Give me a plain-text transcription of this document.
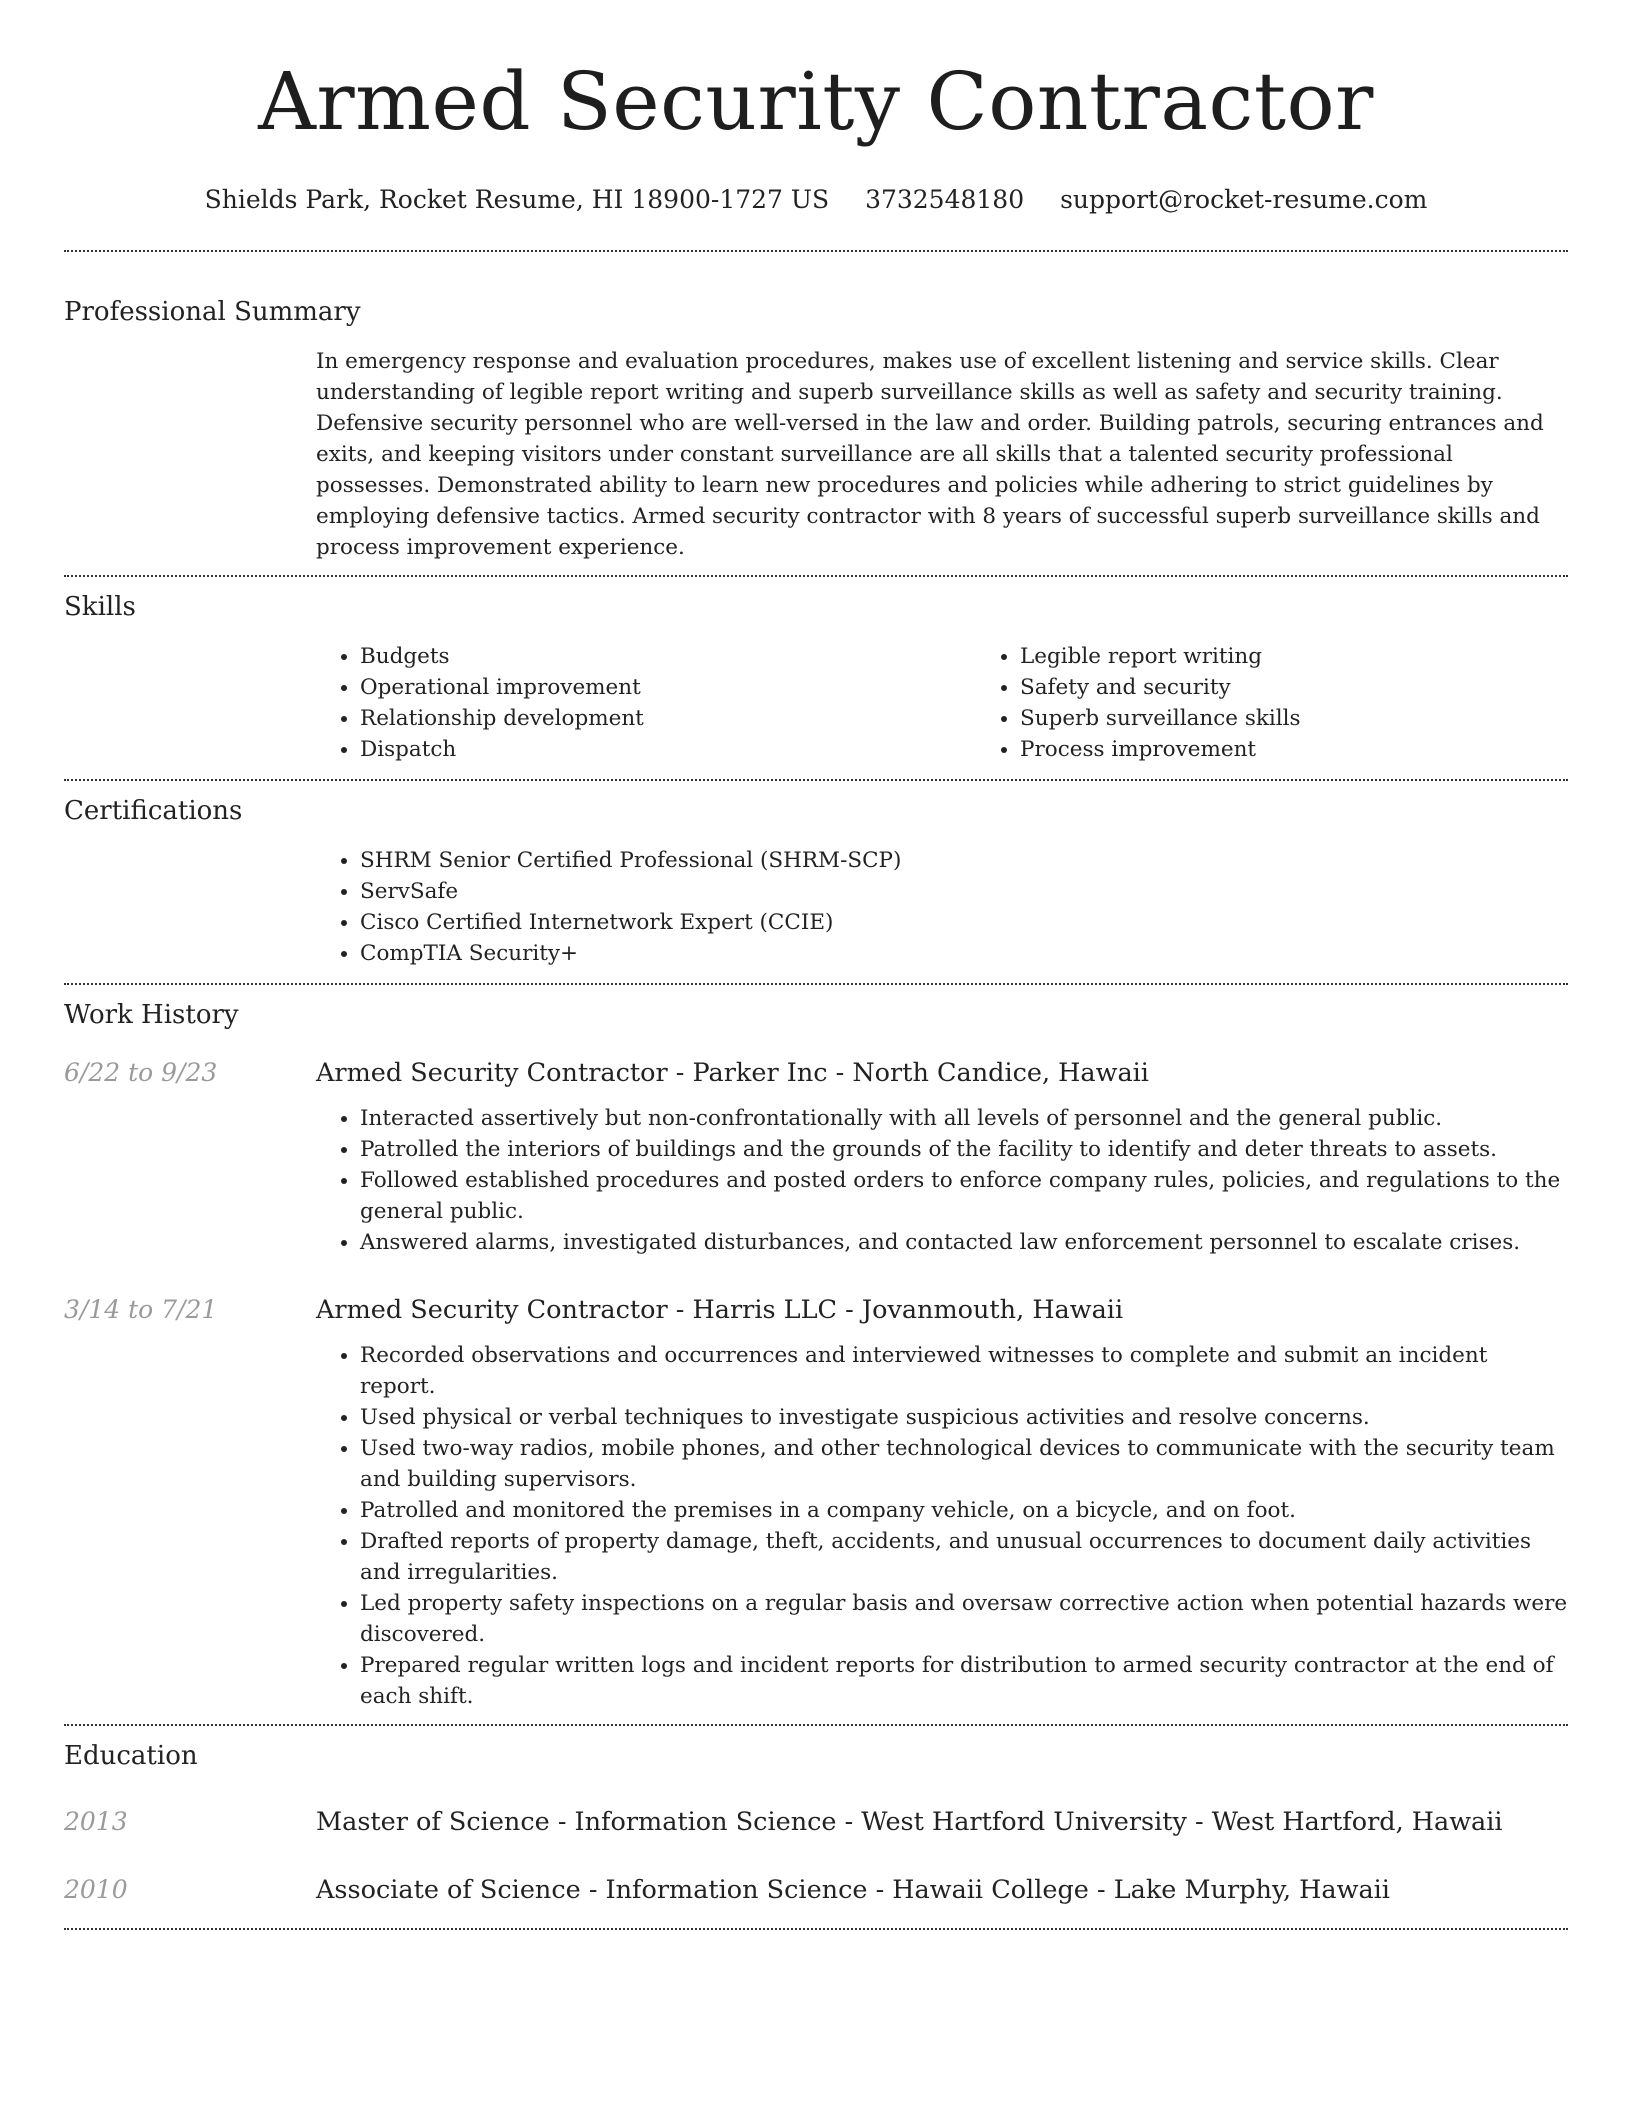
Armed Security Contractor
Shields Park, Rocket Resume, HI 18900-1727 US 3732548180 support@rocket-resume.com
Professional Summary
In emergency response and evaluation procedures, makes use of excellent listening and service skills. Clear understanding of legible report writing and superb surveillance skills as well as safety and security training. Defensive security personnel who are well-versed in the law and order. Building patrols, securing entrances and exits, and keeping visitors under constant surveillance are all skills that a talented security professional possesses. Demonstrated ability to learn new procedures and policies while adhering to strict guidelines by employing defensive tactics. Armed security contractor with 8 years of successful superb surveillance skills and process improvement experience.
Skills
• Budgets
• Operational improvement
• Relationship development
• Dispatch
• Legible report writing
• Safety and security
• Superb surveillance skills
• Process improvement
Certifications
• SHRM Senior Certified Professional (SHRM-SCP)
• ServSafe
• Cisco Certified Internetwork Expert (CCIE)
• CompTIA Security+
Work History
6/22 to 9/23	Armed Security Contractor - Parker Inc - North Candice, Hawaii
• Interacted assertively but non-confrontationally with all levels of personnel and the general public.
• Patrolled the interiors of buildings and the grounds of the facility to identify and deter threats to assets.
• Followed established procedures and posted orders to enforce company rules, policies, and regulations to the general public.
• Answered alarms, investigated disturbances, and contacted law enforcement personnel to escalate crises.
3/14 to 7/21	Armed Security Contractor - Harris LLC - Jovanmouth, Hawaii
• Recorded observations and occurrences and interviewed witnesses to complete and submit an incident report.
• Used physical or verbal techniques to investigate suspicious activities and resolve concerns.
• Used two-way radios, mobile phones, and other technological devices to communicate with the security team and building supervisors.
• Patrolled and monitored the premises in a company vehicle, on a bicycle, and on foot.
• Drafted reports of property damage, theft, accidents, and unusual occurrences to document daily activities and irregularities.
• Led property safety inspections on a regular basis and oversaw corrective action when potential hazards were discovered.
• Prepared regular written logs and incident reports for distribution to armed security contractor at the end of each shift.
Education
2013	Master of Science - Information Science - West Hartford University - West Hartford, Hawaii
2010	Associate of Science - Information Science - Hawaii College - Lake Murphy, Hawaii
